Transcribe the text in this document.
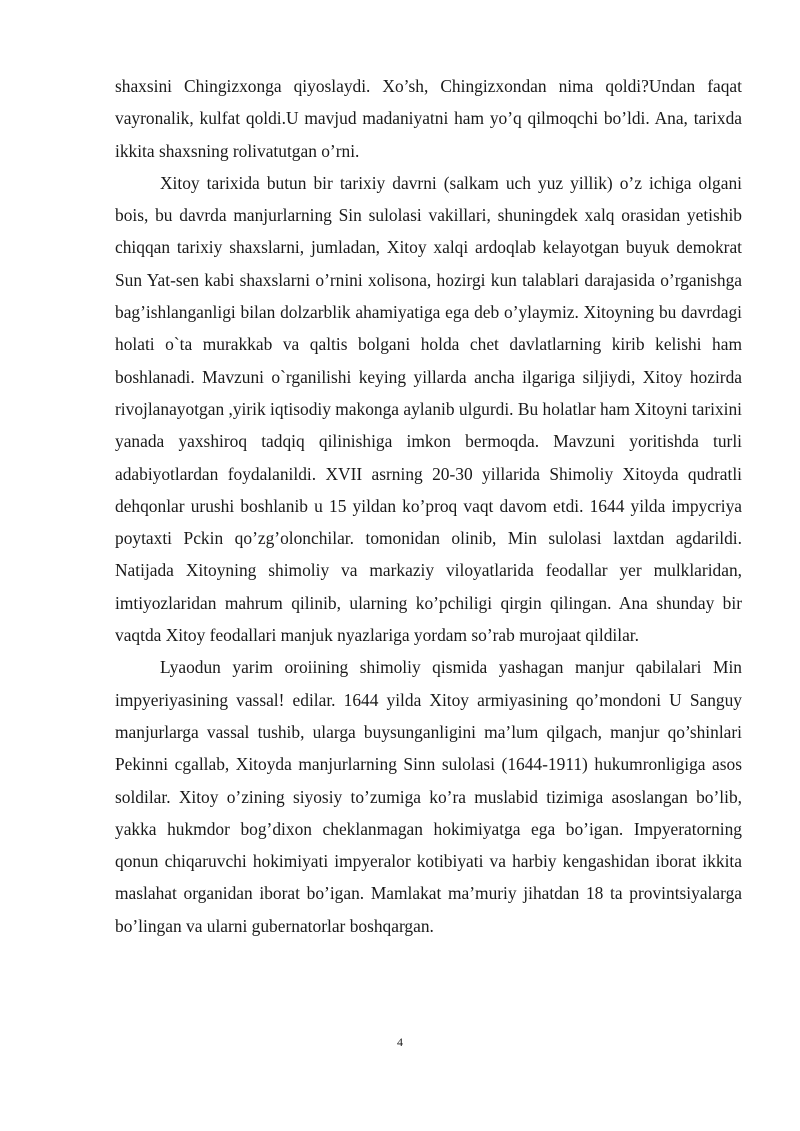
shaxsini Chingizxonga qiyoslaydi. Xo’sh, Chingizxondan nima qoldi?Undan faqat vayronalik, kulfat qoldi.U mavjud madaniyatni ham yo’q qilmoqchi bo’ldi. Ana, tarixda ikkita shaxsning rolivatutgan o’rni.

Xitoy tarixida butun bir tarixiy davrni (salkam uch yuz yillik) o’z ichiga olgani bois, bu davrda manjurlarning Sin sulolasi vakillari, shuningdek xalq orasidan yetishib chiqqan tarixiy shaxslarni, jumladan, Xitoy xalqi ardoqlab kelayotgan buyuk demokrat Sun Yat-sen kabi shaxslarni o’rnini xolisona, hozirgi kun talablari darajasida o’rganishga bag’ishlanganligi bilan dolzarblik ahamiyatiga ega deb o’ylaymiz. Xitoyning bu davrdagi holati o`ta murakkab va qaltis bolgani holda chet davlatlarning kirib kelishi ham boshlanadi. Mavzuni o`rganilishi keying yillarda ancha ilgariga siljiydi, Xitoy hozirda rivojlanayotgan ,yirik iqtisodiy makonga aylanib ulgurdi. Bu holatlar ham Xitoyni tarixini yanada yaxshiroq tadqiq qilinishiga imkon bermoqda. Mavzuni yoritishda turli adabiyotlardan foydalanildi. XVII asrning 20-30 yillarida Shimoliy Xitoyda qudratli dehqonlar urushi boshlanib u 15 yildan ko’proq vaqt davom etdi. 1644 yilda impycriya poytaxti Pckin qo’zg’olonchilar. tomonidan olinib, Min sulolasi laxtdan agdarildi. Natijada Xitoyning shimoliy va markaziy viloyatlarida feodallar yer mulklaridan, imtiyozlaridan mahrum qilinib, ularning ko’pchiligi qirgin qilingan. Ana shunday bir vaqtda Xitoy feodallari manjuk nyazlariga yordam so’rab murojaat qildilar.

Lyaodun yarim oroiining shimoliy qismida yashagan manjur qabilalari Min impyeriyasining vassal! edilar. 1644 yilda Xitoy armiyasining qo’mondoni U Sanguy manjurlarga vassal tushib, ularga buysunganligini ma’lum qilgach, manjur qo’shinlari Pekinni cgallab, Xitoyda manjurlarning Sinn sulolasi (1644-1911) hukumronligiga asos soldilar. Xitoy o’zining siyosiy to’zumiga ko’ra muslabid tizimiga asoslangan bo’lib, yakka hukmdor bog’dixon cheklanmagan hokimiyatga ega bo’igan. Impyeratorning qonun chiqaruvchi hokimiyati impyeralor kotibiyati va harbiy kengashidan iborat ikkita maslahat organidan iborat bo’igan. Mamlakat ma’muriy jihatdan 18 ta provintsiyalarga bo’lingan va ularni gubernatorlar boshqargan.

4
